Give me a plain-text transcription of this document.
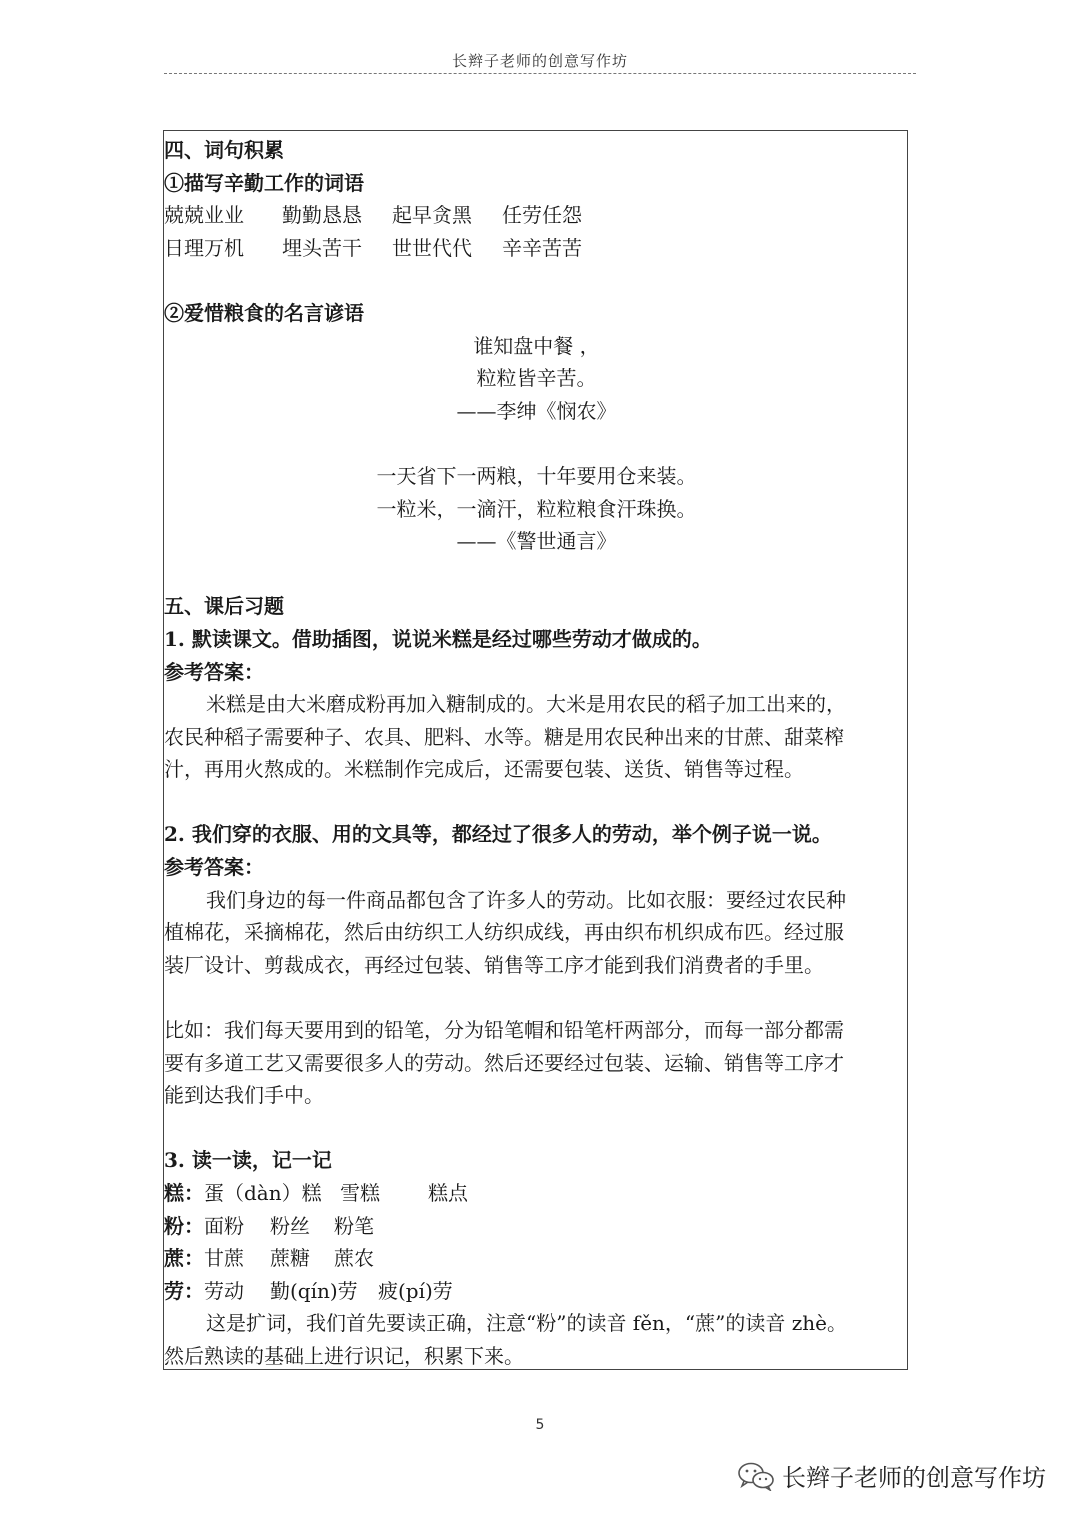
长辫子老师的创意写作坊
四、词句积累
①描写辛勤工作的词语
兢兢业业 勤勤恳恳 起早贪黑 任劳任怨
日理万机 埋头苦干 世世代代 辛辛苦苦
②爱惜粮食的名言谚语
谁知盘中餐 ，
粒粒皆辛苦。
——李绅《悯农》
一天省下一两粮，十年要用仓来装。
一粒米，一滴汗，粒粒粮食汗珠换。
——《警世通言》
五、课后习题
1. 默读课文。借助插图，说说米糕是经过哪些劳动才做成的。
参考答案：
米糕是由大米磨成粉再加入糖制成的。大米是用农民的稻子加工出来的，
农民种稻子需要种子、农具、肥料、水等。糖是用农民种出来的甘蔗、甜菜榨
汁，再用火熬成的。米糕制作完成后，还需要包装、送货、销售等过程。
2. 我们穿的衣服、用的文具等，都经过了很多人的劳动，举个例子说一说。
参考答案：
我们身边的每一件商品都包含了许多人的劳动。比如衣服：要经过农民种
植棉花，采摘棉花，然后由纺织工人纺织成线，再由织布机织成布匹。经过服
装厂设计、剪裁成衣，再经过包装、销售等工序才能到我们消费者的手里。
比如：我们每天要用到的铅笔，分为铅笔帽和铅笔杆两部分，而每一部分都需
要有多道工艺又需要很多人的劳动。然后还要经过包装、运输、销售等工序才
能到达我们手中。
3. 读一读，记一记
糕：蛋（dàn）糕 雪糕 糕点
粉：面粉 粉丝 粉笔
蔗：甘蔗 蔗糖 蔗农
劳：劳动 勤(qín)劳 疲(pí)劳
这是扩词，我们首先要读正确，注意“粉”的读音 fěn，“蔗”的读音 zhè。
然后熟读的基础上进行识记，积累下来。
5
长辫子老师的创意写作坊
